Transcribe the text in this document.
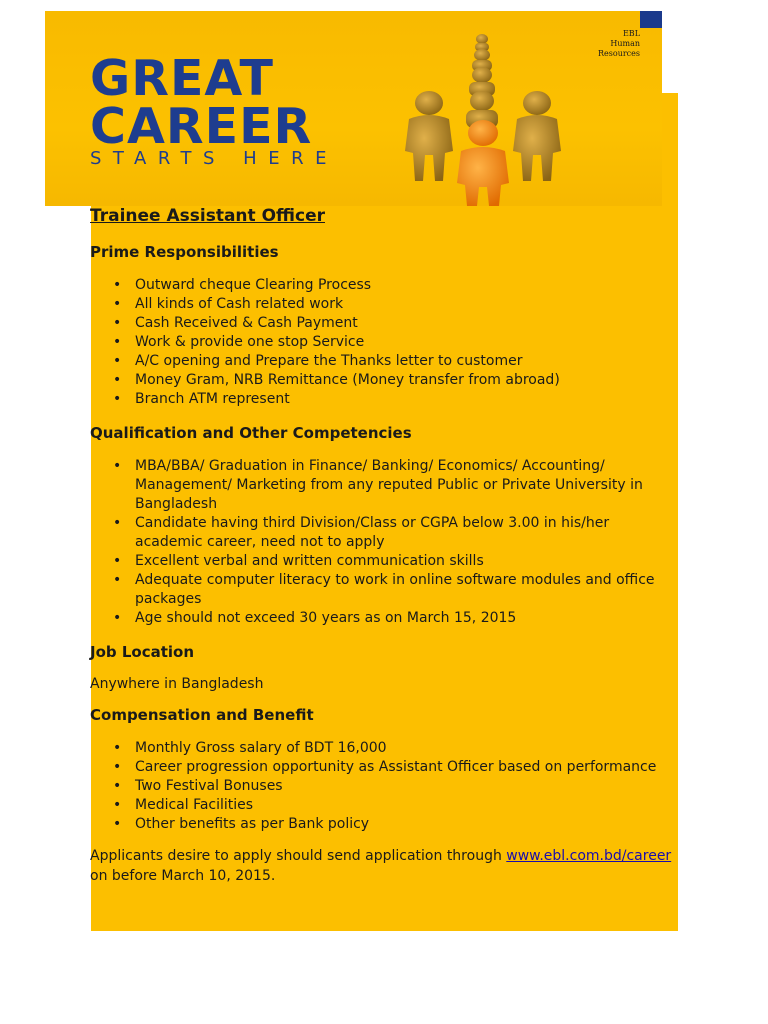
EBL
Human
Resources
GREAT
CAREER
STARTS HERE
Trainee Assistant Officer
Prime Responsibilities
• Outward cheque Clearing Process
• All kinds of Cash related work
• Cash Received & Cash Payment
• Work & provide one stop Service
• A/C opening and Prepare the Thanks letter to customer
• Money Gram, NRB Remittance (Money transfer from abroad)
• Branch ATM represent
Qualification and Other Competencies
• MBA/BBA/ Graduation in Finance/ Banking/ Economics/ Accounting/ Management/ Marketing from any reputed Public or Private University in Bangladesh
• Candidate having third Division/Class or CGPA below 3.00 in his/her academic career, need not to apply
• Excellent verbal and written communication skills
• Adequate computer literacy to work in online software modules and office packages
• Age should not exceed 30 years as on March 15, 2015
Job Location

Anywhere in Bangladesh

Compensation and Benefit
• Monthly Gross salary of BDT 16,000
• Career progression opportunity as Assistant Officer based on performance
• Two Festival Bonuses
• Medical Facilities
• Other benefits as per Bank policy

Applicants desire to apply should send application through www.ebl.com.bd/career
on before March 10, 2015.
